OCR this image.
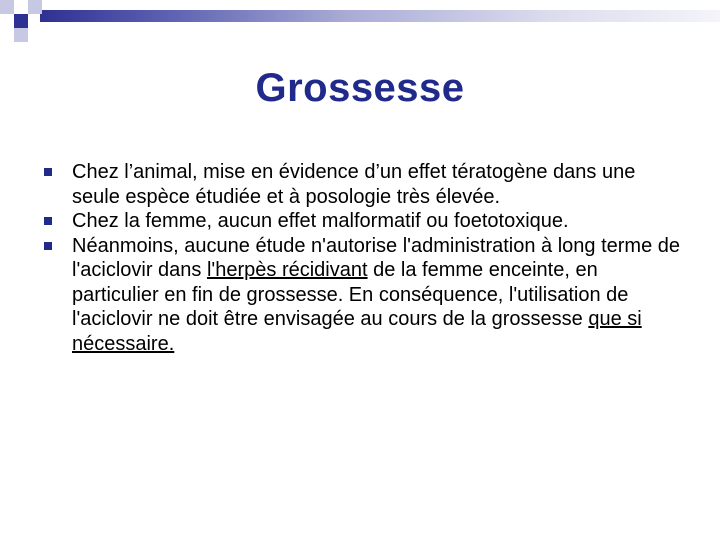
Grossesse
Chez l’animal, mise en évidence d’un effet tératogène dans une seule espèce étudiée et à posologie très élevée.
Chez la femme, aucun effet malformatif ou foetotoxique.
Néanmoins, aucune étude n'autorise l'administration à long terme de l'aciclovir dans l'herpès récidivant de la femme enceinte, en particulier en fin de grossesse. En conséquence, l'utilisation de l'aciclovir ne doit être envisagée au cours de la grossesse que si nécessaire.
